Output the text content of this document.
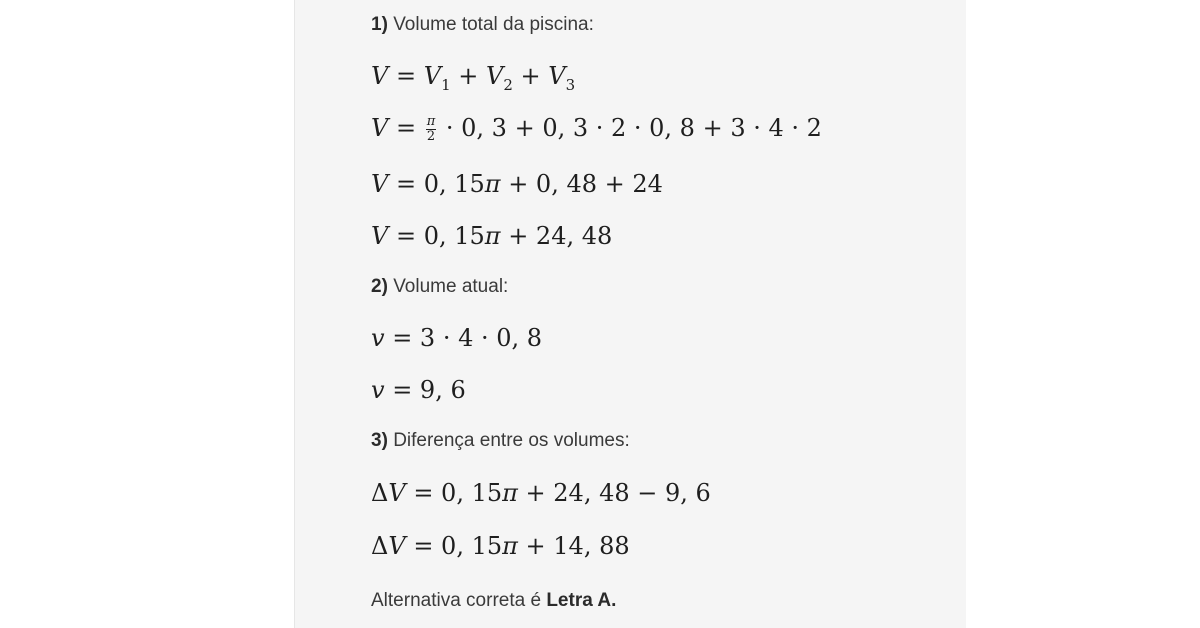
1) Volume total da piscina:
$V = V_1 + V_2 + V_3$
$V = \frac{\pi}{2} \cdot 0$, 3 + 0, 3 · 2 · 0, 8 + 3 · 4 · 2
V = 0, 15π + 0, 48 + 24
V = 0, 15π + 24, 48
2) Volume atual:
v = 3 · 4 · 0, 8
v = 9, 6
3) Diferença entre os volumes:
ΔV = 0, 15π + 24, 48 − 9, 6
ΔV = 0, 15π + 14, 88
Alternativa correta é Letra A.
